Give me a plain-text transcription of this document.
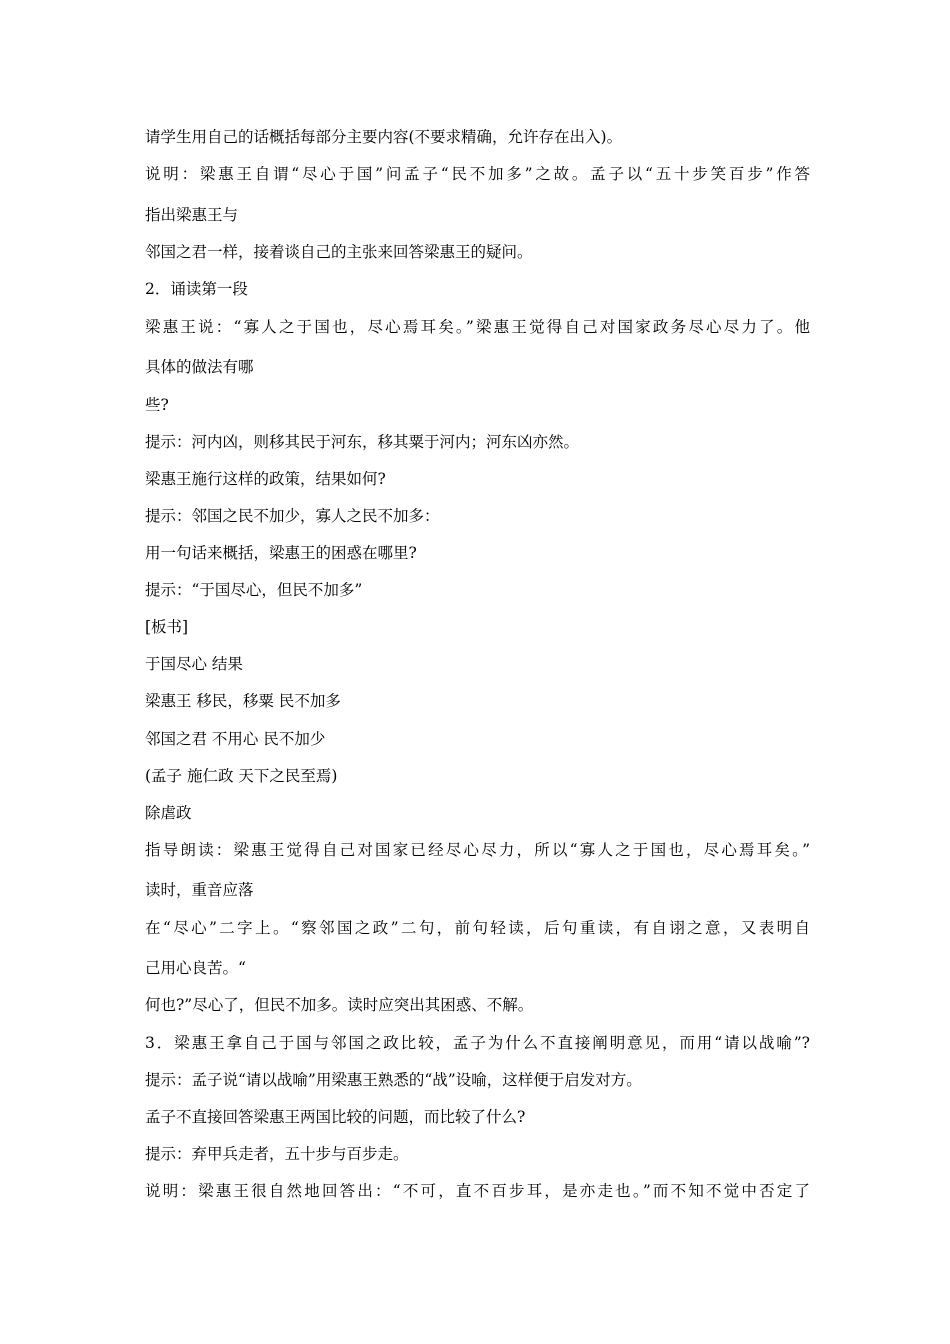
请学生用自己的话概括每部分主要内容(不要求精确，允许存在出入)。
说明：梁惠王自谓“尽心于国”问孟子“民不加多”之故。孟子以“五十步笑百步”作答
指出梁惠王与
邻国之君一样，接着谈自己的主张来回答梁惠王的疑问。
2．诵读第一段
梁惠王说：“寡人之于国也，尽心焉耳矣。”梁惠王觉得自己对国家政务尽心尽力了。他
具体的做法有哪
些?
提示：河内凶，则移其民于河东，移其粟于河内；河东凶亦然。
梁惠王施行这样的政策，结果如何?
提示：邻国之民不加少，寡人之民不加多：
用一句话来概括，梁惠王的困惑在哪里?
提示：“于国尽心，但民不加多”
[板书]
于国尽心 结果
梁惠王 移民，移粟 民不加多
邻国之君 不用心 民不加少
(孟子 施仁政 天下之民至焉)
除虐政
指导朗读：梁惠王觉得自己对国家已经尽心尽力，所以“寡人之于国也，尽心焉耳矣。”
读时，重音应落
在“尽心”二字上。“察邻国之政”二句，前句轻读，后句重读，有自诩之意，又表明自
己用心良苦。“
何也?”尽心了，但民不加多。读时应突出其困惑、不解。
3．梁惠王拿自己于国与邻国之政比较，孟子为什么不直接阐明意见，而用“请以战喻”?
提示：孟子说“请以战喻”用梁惠王熟悉的“战”设喻，这样便于启发对方。
孟子不直接回答梁惠王两国比较的问题，而比较了什么?
提示：弃甲兵走者，五十步与百步走。
说明：梁惠王很自然地回答出：“不可，直不百步耳，是亦走也。”而不知不觉中否定了
